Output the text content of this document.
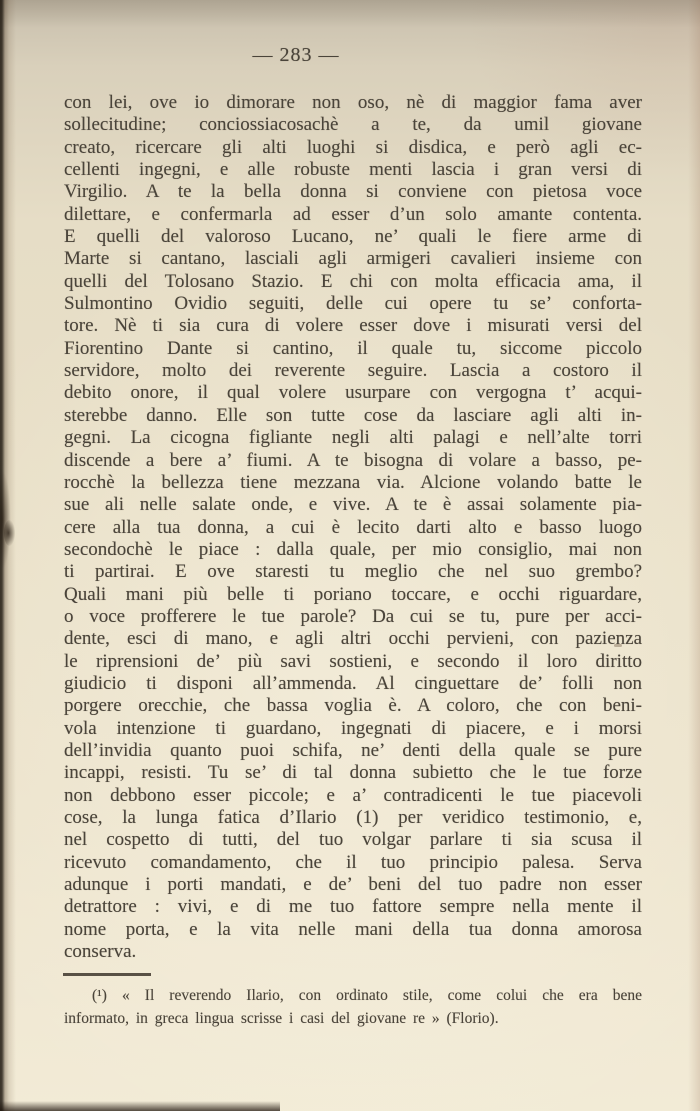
— 283 —
con lei, ove io dimorare non oso, nè di maggior fama aver
sollecitudine; conciossiacosachè a te, da umil giovane
creato, ricercare gli alti luoghi si disdica, e però agli ec-
cellenti ingegni, e alle robuste menti lascia i gran versi di
Virgilio. A te la bella donna si conviene con pietosa voce
dilettare, e confermarla ad esser d’un solo amante contenta.
E quelli del valoroso Lucano, ne’ quali le fiere arme di
Marte si cantano, lasciali agli armigeri cavalieri insieme con
quelli del Tolosano Stazio. E chi con molta efficacia ama, il
Sulmontino Ovidio seguiti, delle cui opere tu se’ conforta-
tore. Nè ti sia cura di volere esser dove i misurati versi del
Fiorentino Dante si cantino, il quale tu, siccome piccolo
servidore, molto dei reverente seguire. Lascia a costoro il
debito onore, il qual volere usurpare con vergogna t’ acqui-
sterebbe danno. Elle son tutte cose da lasciare agli alti in-
gegni. La cicogna figliante negli alti palagi e nell’alte torri
discende a bere a’ fiumi. A te bisogna di volare a basso, pe-
rocchè la bellezza tiene mezzana via. Alcione volando batte le
sue ali nelle salate onde, e vive. A te è assai solamente pia-
cere alla tua donna, a cui è lecito darti alto e basso luogo
secondochè le piace : dalla quale, per mio consiglio, mai non
ti partirai. E ove staresti tu meglio che nel suo grembo?
Quali mani più belle ti poriano toccare, e occhi riguardare,
o voce profferere le tue parole? Da cui se tu, pure per acci-
dente, esci di mano, e agli altri occhi pervieni, con pazienza
le riprensioni de’ più savi sostieni, e secondo il loro diritto
giudicio ti disponi all’ammenda. Al cinguettare de’ folli non
porgere orecchie, che bassa voglia è. A coloro, che con beni-
vola intenzione ti guardano, ingegnati di piacere, e i morsi
dell’invidia quanto puoi schifa, ne’ denti della quale se pure
incappi, resisti. Tu se’ di tal donna subietto che le tue forze
non debbono esser piccole; e a’ contradicenti le tue piacevoli
cose, la lunga fatica d’Ilario (1) per veridico testimonio, e,
nel cospetto di tutti, del tuo volgar parlare ti sia scusa il
ricevuto comandamento, che il tuo principio palesa. Serva
adunque i porti mandati, e de’ beni del tuo padre non esser
detrattore : vivi, e di me tuo fattore sempre nella mente il
nome porta, e la vita nelle mani della tua donna amorosa
conserva.
(¹) « Il reverendo Ilario, con ordinato stile, come colui che era bene
informato, in greca lingua scrisse i casi del giovane re » (Florio).
